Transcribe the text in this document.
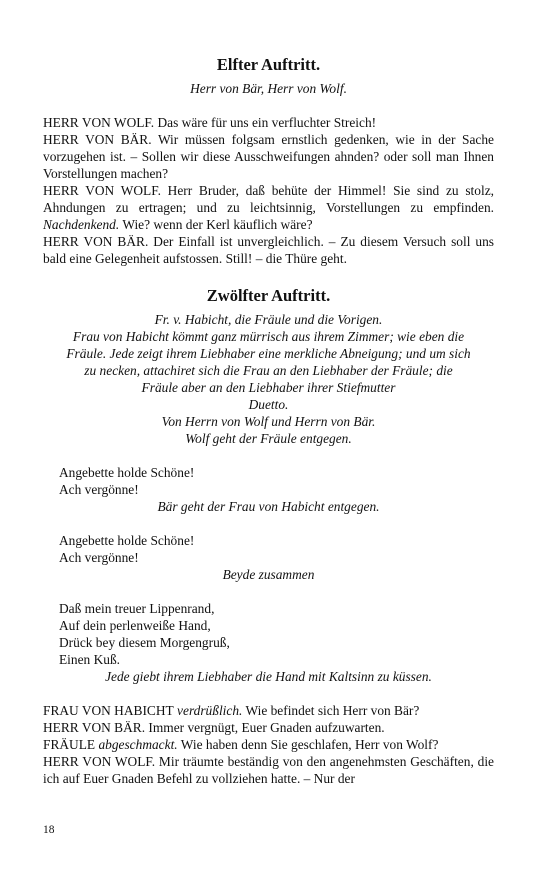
Elfter Auftritt.

Herr von Bär, Herr von Wolf.

HERR VON WOLF. Das wäre für uns ein verfluchter Streich!

HERR VON BÄR. Wir müssen folgsam ernstlich gedenken, wie in der Sache vorzugehen ist. – Sollen wir diese Ausschweifungen ahnden? oder soll man Ihnen Vorstellungen machen?

HERR VON WOLF. Herr Bruder, daß behüte der Himmel! Sie sind zu stolz, Ahndungen zu ertragen; und zu leichtsinnig, Vorstellungen zu empfinden. Nachdenkend. Wie? wenn der Kerl käuflich wäre?

HERR VON BÄR. Der Einfall ist unvergleichlich. – Zu diesem Versuch soll uns bald eine Gelegenheit aufstossen. Still! – die Thüre geht.

Zwölfter Auftritt.

Fr. v. Habicht, die Fräule und die Vorigen.

Frau von Habicht kömmt ganz mürrisch aus ihrem Zimmer; wie eben die

Fräule. Jede zeigt ihrem Liebhaber eine merkliche Abneigung; und um sich

zu necken, attachiret sich die Frau an den Liebhaber der Fräule; die

Fräule aber an den Liebhaber ihrer Stiefmutter

Duetto.

Von Herrn von Wolf und Herrn von Bär.

Wolf geht der Fräule entgegen.

Angebette holde Schöne!

Ach vergönne!

Bär geht der Frau von Habicht entgegen.

Angebette holde Schöne!

Ach vergönne!

Beyde zusammen

Daß mein treuer Lippenrand,

Auf dein perlenweiße Hand,

Drück bey diesem Morgengruß,

Einen Kuß.

Jede giebt ihrem Liebhaber die Hand mit Kaltsinn zu küssen.

FRAU VON HABICHT verdrüßlich. Wie befindet sich Herr von Bär?

HERR VON BÄR. Immer vergnügt, Euer Gnaden aufzuwarten.

FRÄULE abgeschmackt. Wie haben denn Sie geschlafen, Herr von Wolf?

HERR VON WOLF. Mir träumte beständig von den angenehmsten Geschäften, die ich auf Euer Gnaden Befehl zu vollziehen hatte. – Nur der

18
